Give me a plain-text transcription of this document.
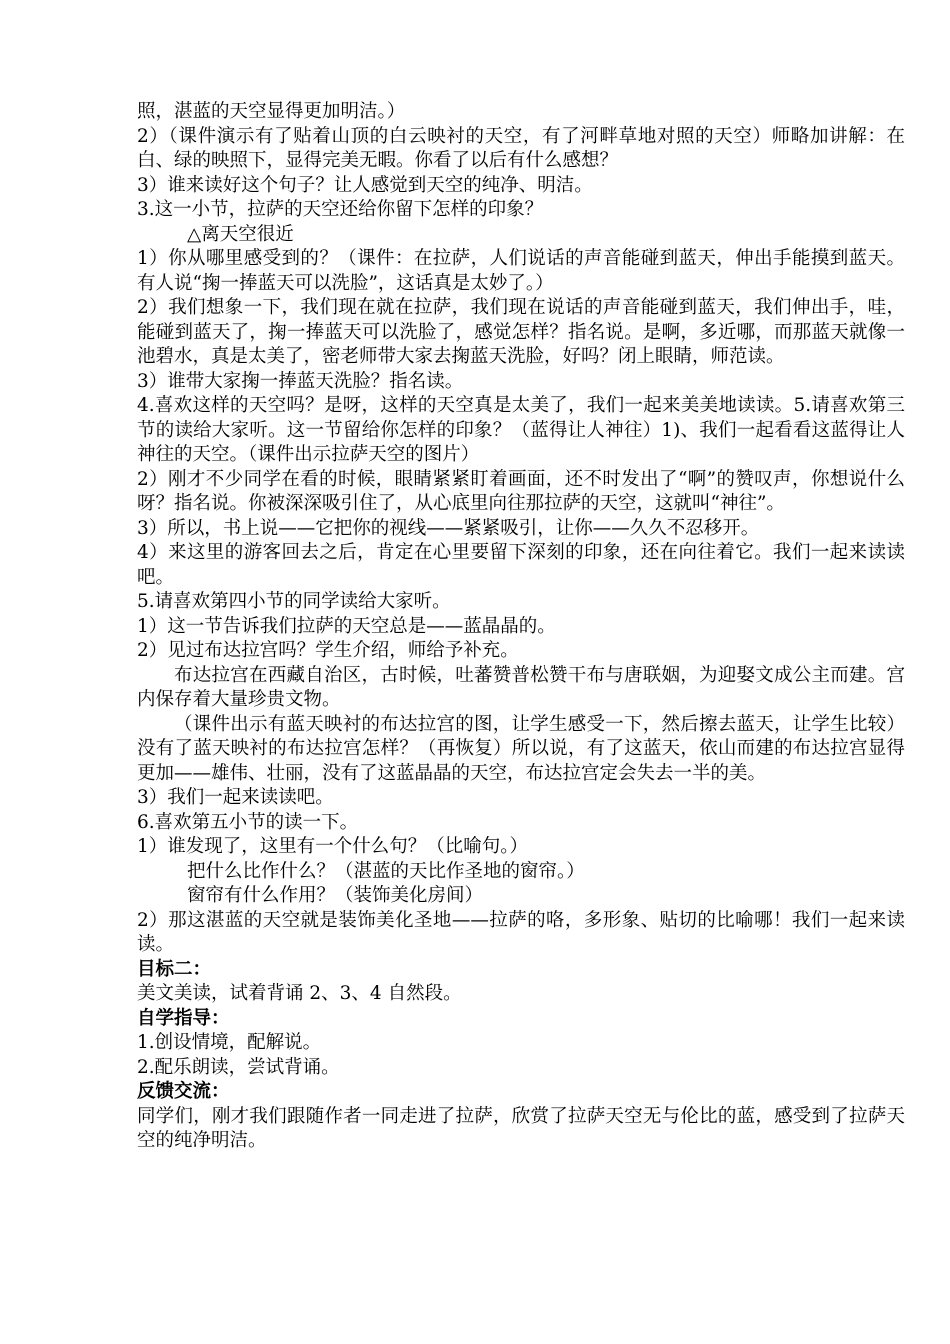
照，湛蓝的天空显得更加明洁。）

2）（课件演示有了贴着山顶的白云映衬的天空，有了河畔草地对照的天空）师略加讲解：在白、绿的映照下，显得完美无暇。你看了以后有什么感想？

3）谁来读好这个句子？让人感觉到天空的纯净、明洁。

3.这一小节，拉萨的天空还给你留下怎样的印象？

△离天空很近

1）你从哪里感受到的？（课件：在拉萨，人们说话的声音能碰到蓝天，伸出手能摸到蓝天。有人说“掬一捧蓝天可以洗脸”，这话真是太妙了。）

2）我们想象一下，我们现在就在拉萨，我们现在说话的声音能碰到蓝天，我们伸出手，哇，能碰到蓝天了，掬一捧蓝天可以洗脸了，感觉怎样？指名说。是啊，多近哪，而那蓝天就像一池碧水，真是太美了，密老师带大家去掬蓝天洗脸，好吗？闭上眼睛，师范读。

3）谁带大家掬一捧蓝天洗脸？指名读。

4.喜欢这样的天空吗？是呀，这样的天空真是太美了，我们一起来美美地读读。5.请喜欢第三节的读给大家听。这一节留给你怎样的印象？（蓝得让人神往）1)、我们一起看看这蓝得让人神往的天空。（课件出示拉萨天空的图片）

2）刚才不少同学在看的时候，眼睛紧紧盯着画面，还不时发出了“啊”的赞叹声，你想说什么呀？指名说。你被深深吸引住了，从心底里向往那拉萨的天空，这就叫“神往”。

3）所以，书上说——它把你的视线——紧紧吸引，让你——久久不忍移开。

4）来这里的游客回去之后，肯定在心里要留下深刻的印象，还在向往着它。我们一起来读读吧。

5.请喜欢第四小节的同学读给大家听。

1）这一节告诉我们拉萨的天空总是——蓝晶晶的。

2）见过布达拉宫吗？学生介绍，师给予补充。

布达拉宫在西藏自治区，古时候，吐蕃赞普松赞干布与唐联姻，为迎娶文成公主而建。宫内保存着大量珍贵文物。

（课件出示有蓝天映衬的布达拉宫的图，让学生感受一下，然后擦去蓝天，让学生比较）没有了蓝天映衬的布达拉宫怎样？（再恢复）所以说，有了这蓝天，依山而建的布达拉宫显得更加——雄伟、壮丽，没有了这蓝晶晶的天空，布达拉宫定会失去一半的美。

3）我们一起来读读吧。

6.喜欢第五小节的读一下。

1）谁发现了，这里有一个什么句？（比喻句。）

把什么比作什么？（湛蓝的天比作圣地的窗帘。）

窗帘有什么作用？（装饰美化房间）

2）那这湛蓝的天空就是装饰美化圣地——拉萨的咯，多形象、贴切的比喻哪！我们一起来读读。

目标二：

美文美读，试着背诵 2、3、4 自然段。

自学指导：

1.创设情境，配解说。

2.配乐朗读，尝试背诵。

反馈交流：

同学们，刚才我们跟随作者一同走进了拉萨，欣赏了拉萨天空无与伦比的蓝，感受到了拉萨天空的纯净明洁。
